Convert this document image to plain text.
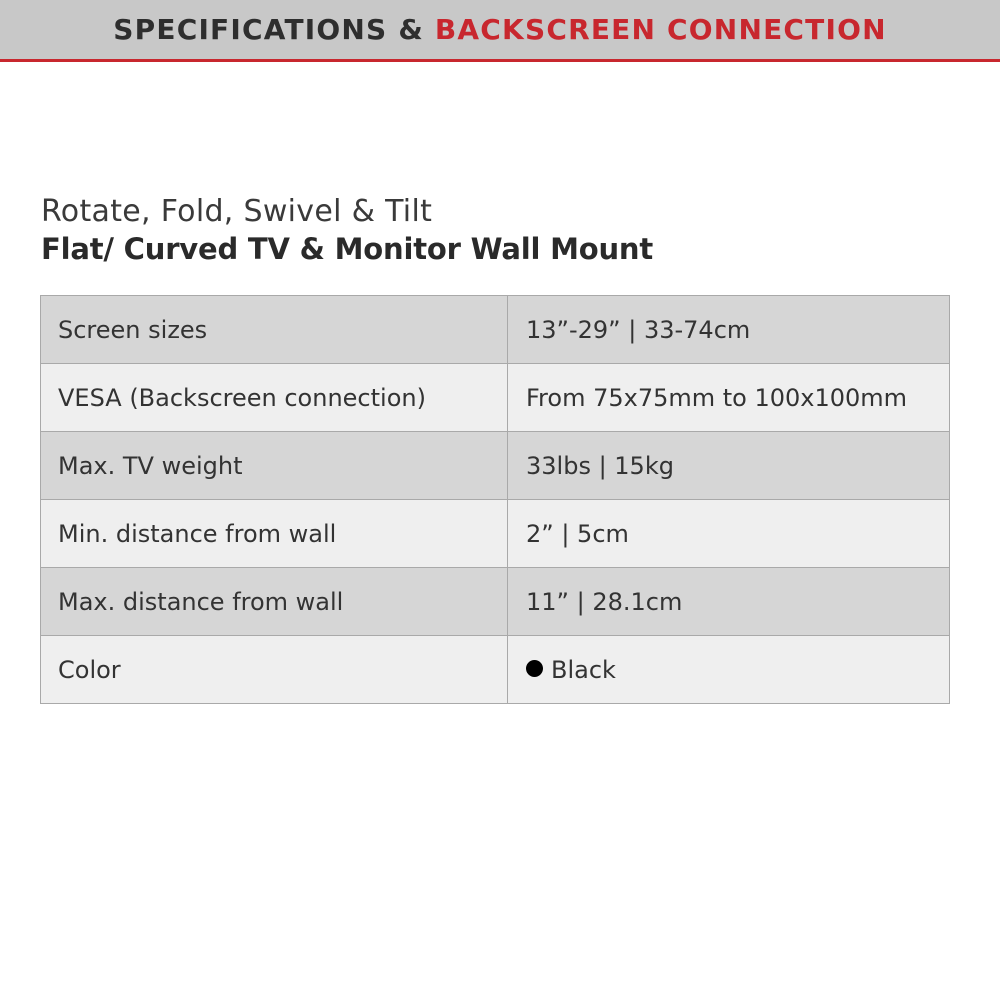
SPECIFICATIONS & BACKSCREEN CONNECTION
Rotate, Fold, Swivel & Tilt
Flat/ Curved TV & Monitor Wall Mount
Screen sizes	13”-29” | 33-74cm
VESA (Backscreen connection)	From 75x75mm to 100x100mm
Max. TV weight	33lbs | 15kg
Min. distance from wall	2” | 5cm
Max. distance from wall	11” | 28.1cm
Color	Black
